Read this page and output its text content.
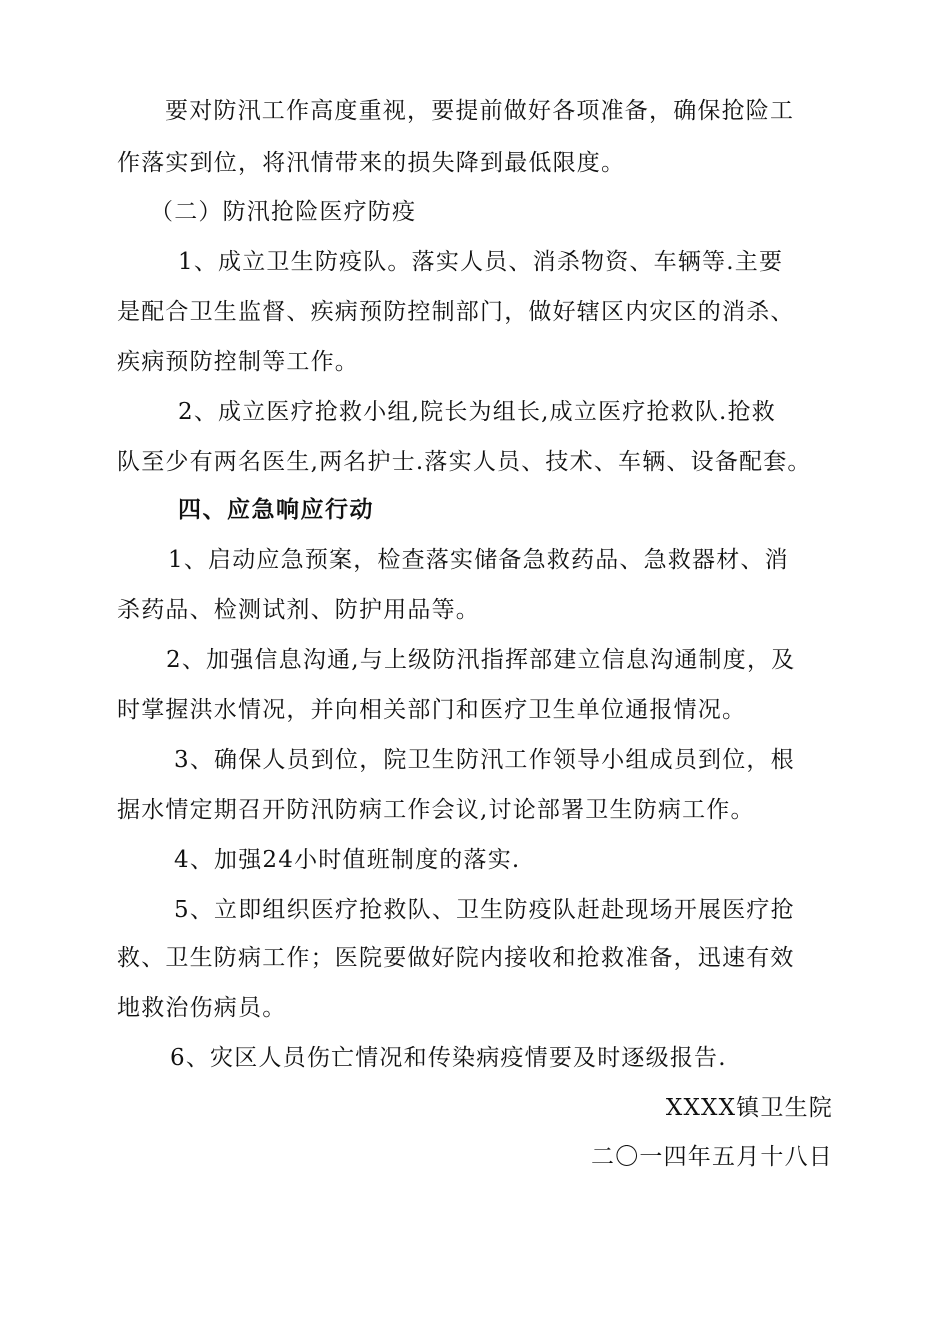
要对防汛工作高度重视，要提前做好各项准备，确保抢险工
作落实到位，将汛情带来的损失降到最低限度。
（二）防汛抢险医疗防疫
1、成立卫生防疫队。落实人员、消杀物资、车辆等.主要
是配合卫生监督、疾病预防控制部门，做好辖区内灾区的消杀、
疾病预防控制等工作。
2、成立医疗抢救小组,院长为组长,成立医疗抢救队.抢救
队至少有两名医生,两名护士.落实人员、技术、车辆、设备配套。
四、应急响应行动
1、启动应急预案，检查落实储备急救药品、急救器材、消
杀药品、检测试剂、防护用品等。
2、加强信息沟通,与上级防汛指挥部建立信息沟通制度，及
时掌握洪水情况，并向相关部门和医疗卫生单位通报情况。
3、确保人员到位，院卫生防汛工作领导小组成员到位，根
据水情定期召开防汛防病工作会议,讨论部署卫生防病工作。
4、加强24小时值班制度的落实.
5、立即组织医疗抢救队、卫生防疫队赶赴现场开展医疗抢
救、卫生防病工作；医院要做好院内接收和抢救准备，迅速有效
地救治伤病员。
6、灾区人员伤亡情况和传染病疫情要及时逐级报告.
XXXX镇卫生院
二〇一四年五月十八日
